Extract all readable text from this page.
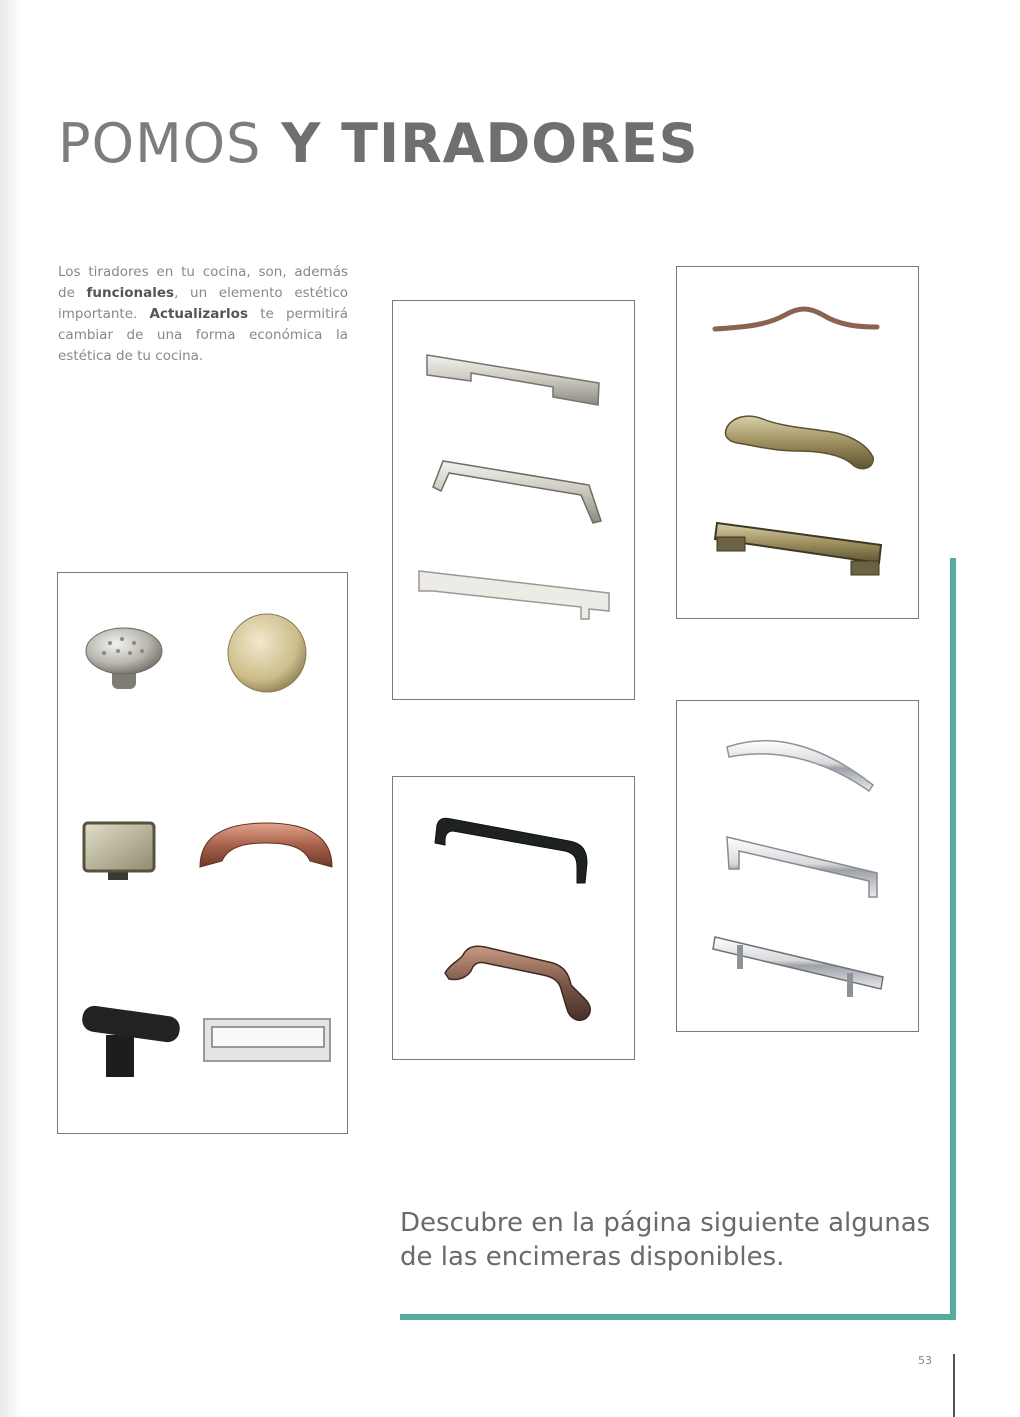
POMOS Y TIRADORES

Los tiradores en tu cocina, son, además de funcionales, un elemento estético importante. Actualizarlos te permitirá cambiar de una forma económica la estética de tu cocina.

Descubre en la página siguiente algunas
de las encimeras disponibles.

53
